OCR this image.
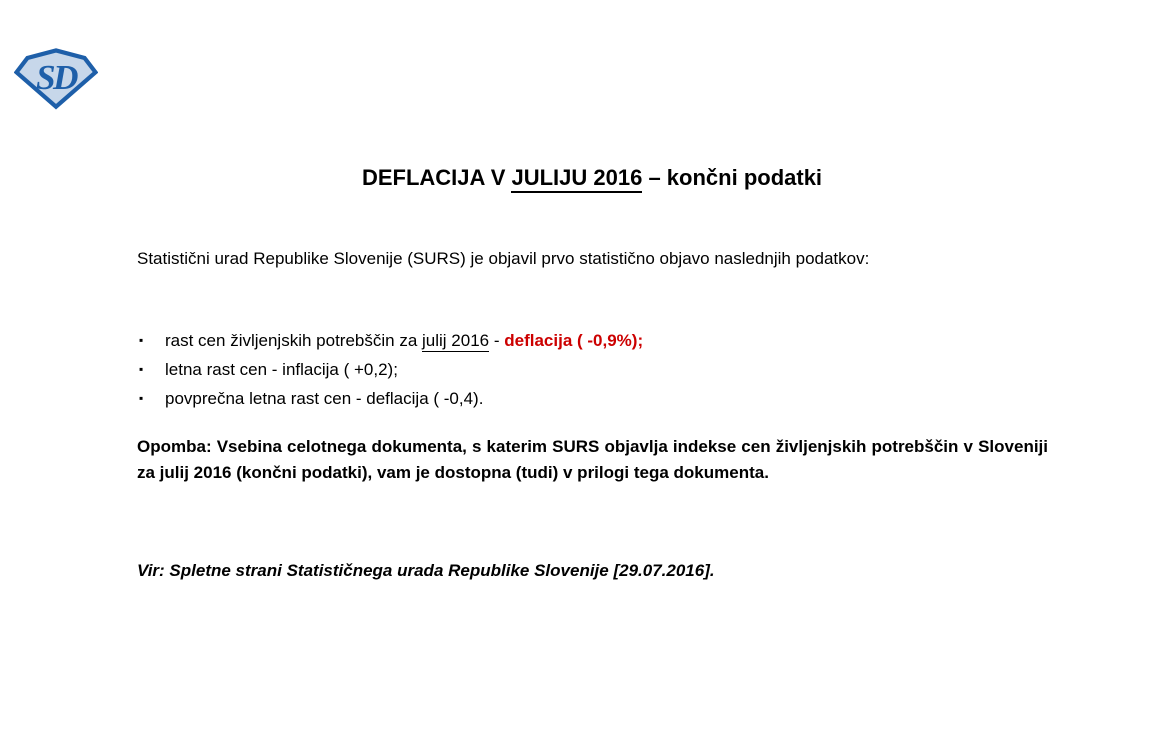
SD
DEFLACIJA V JULIJU 2016 – končni podatki

Statistični urad Republike Slovenije (SURS) je objavil prvo statistično objavo naslednjih podatkov:

▪ rast cen življenjskih potrebščin za julij 2016 - deflacija ( -0,9%);
▪ letna rast cen - inflacija ( +0,2);
▪ povprečna letna rast cen - deflacija ( -0,4).

Opomba: Vsebina celotnega dokumenta, s katerim SURS objavlja indekse cen življenjskih potrebščin v Sloveniji za julij 2016 (končni podatki), vam je dostopna (tudi) v prilogi tega dokumenta.

Vir: Spletne strani Statističnega urada Republike Slovenije [29.07.2016].
